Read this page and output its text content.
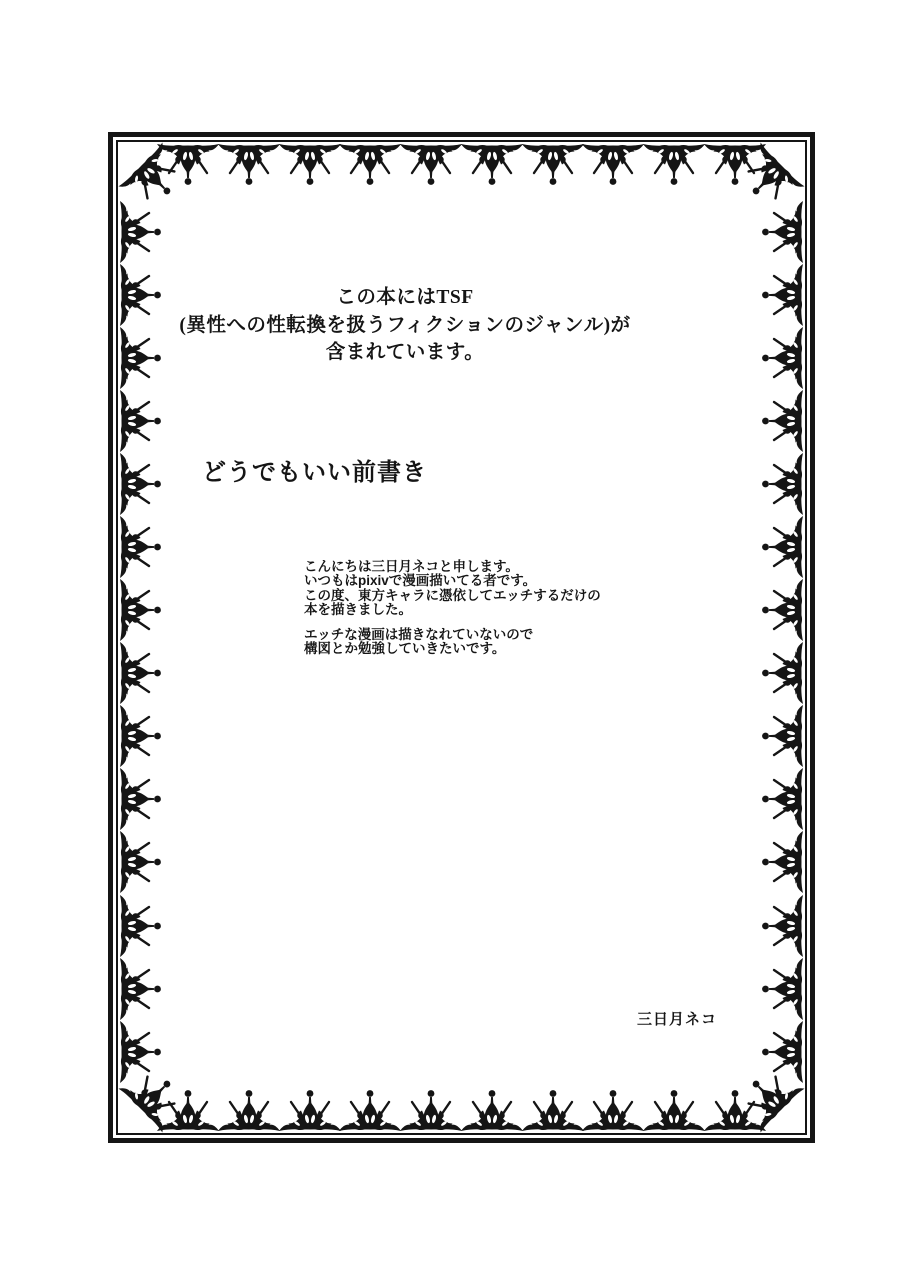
この本にはTSF
(異性への性転換を扱うフィクションのジャンル)が
含まれています。
どうでもいい前書き

こんにちは三日月ネコと申します。
いつもはpixivで漫画描いてる者です。
この度、東方キャラに憑依してエッチするだけの
本を描きました。

エッチな漫画は描きなれていないので
構図とか勉強していきたいです。

三日月ネコ
